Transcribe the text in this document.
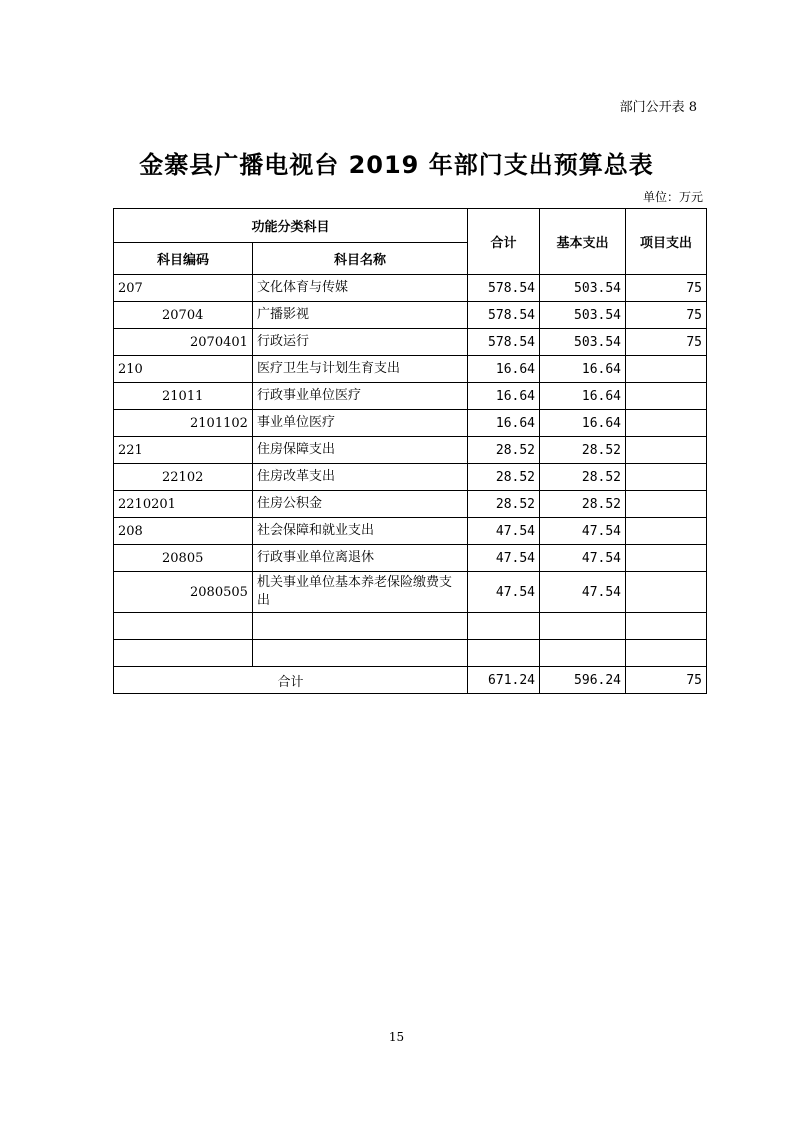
部门公开表 8
金寨县广播电视台 2019 年部门支出预算总表
单位：万元
功能分类科目		合计	基本支出	项目支出
科目编码	科目名称			
207	文化体育与传媒	578.54	503.54	75
20704	广播影视	578.54	503.54	75
2070401	行政运行	578.54	503.54	75
210	医疗卫生与计划生育支出	16.64	16.64	
21011	行政事业单位医疗	16.64	16.64	
2101102	事业单位医疗	16.64	16.64	
221	住房保障支出	28.52	28.52	
22102	住房改革支出	28.52	28.52	
2210201	住房公积金	28.52	28.52	
208	社会保障和就业支出	47.54	47.54	
20805	行政事业单位离退休	47.54	47.54	
2080505	机关事业单位基本养老保险缴费支出	47.54	47.54	

合计		671.24	596.24	75
15
